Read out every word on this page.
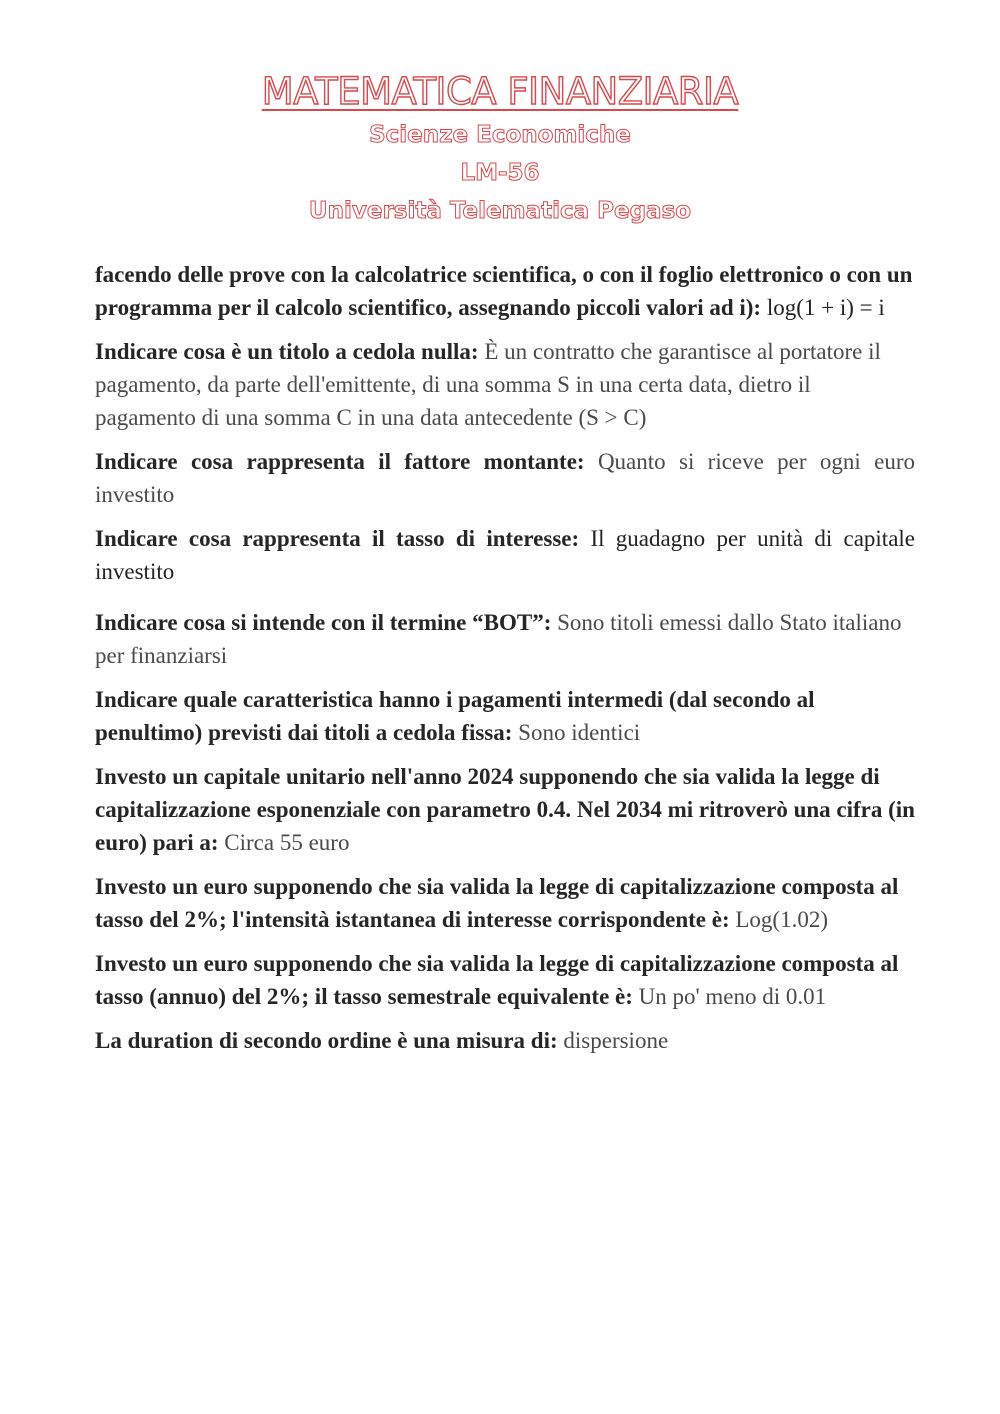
MATEMATICA FINANZIARIA
Scienze Economiche
LM-56
Università Telematica Pegaso

facendo delle prove con la calcolatrice scientifica, o con il foglio elettronico o con un programma per il calcolo scientifico, assegnando piccoli valori ad i): log(1 + i) = i

Indicare cosa è un titolo a cedola nulla: È un contratto che garantisce al portatore il pagamento, da parte dell'emittente, di una somma S in una certa data, dietro il pagamento di una somma C in una data antecedente (S > C)

Indicare cosa rappresenta il fattore montante: Quanto si riceve per ogni euro investito

Indicare cosa rappresenta il tasso di interesse: Il guadagno per unità di capitale investito

Indicare cosa si intende con il termine “BOT”: Sono titoli emessi dallo Stato italiano per finanziarsi

Indicare quale caratteristica hanno i pagamenti intermedi (dal secondo al penultimo) previsti dai titoli a cedola fissa: Sono identici

Investo un capitale unitario nell'anno 2024 supponendo che sia valida la legge di capitalizzazione esponenziale con parametro 0.4. Nel 2034 mi ritroverò una cifra (in euro) pari a: Circa 55 euro

Investo un euro supponendo che sia valida la legge di capitalizzazione composta al tasso del 2%; l'intensità istantanea di interesse corrispondente è: Log(1.02)

Investo un euro supponendo che sia valida la legge di capitalizzazione composta al tasso (annuo) del 2%; il tasso semestrale equivalente è: Un po' meno di 0.01

La duration di secondo ordine è una misura di: dispersione
